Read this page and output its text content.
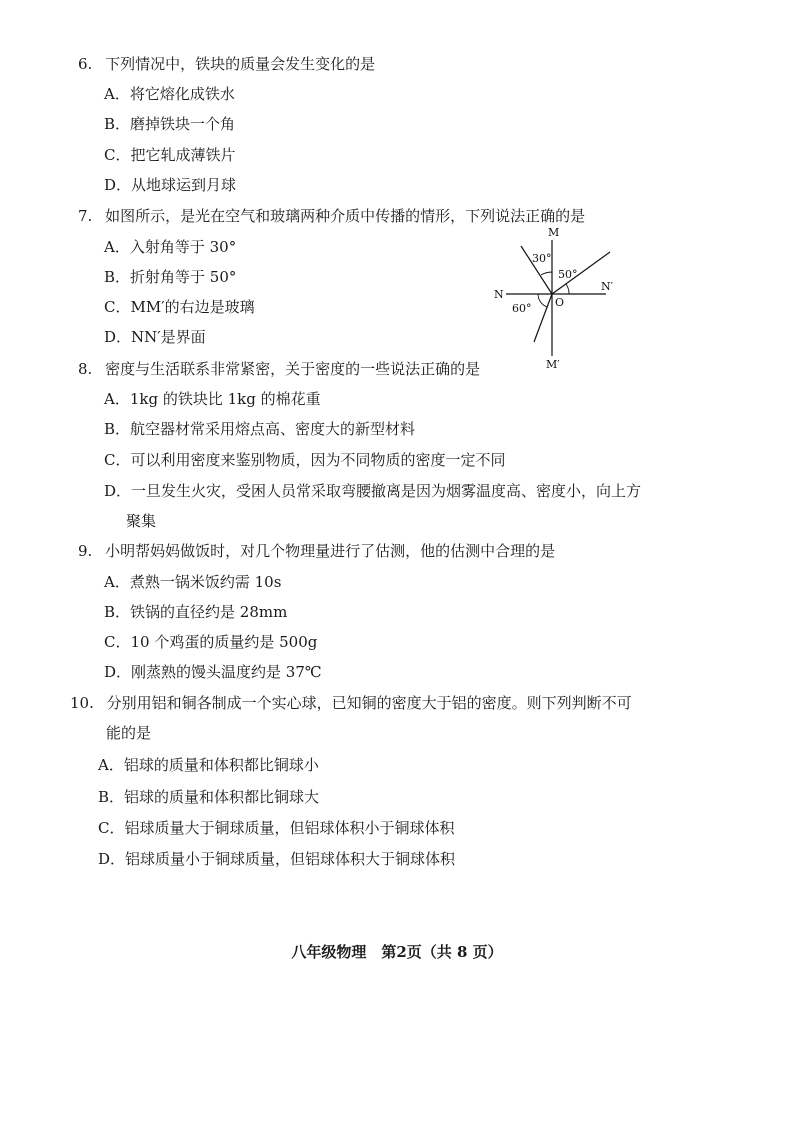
6. 下列情况中，铁块的质量会发生变化的是
A．将它熔化成铁水
B．磨掉铁块一个角
C．把它轧成薄铁片
D．从地球运到月球
7. 如图所示，是光在空气和玻璃两种介质中传播的情形，下列说法正确的是
A．入射角等于 30°
B．折射角等于 50°
C．MM′的右边是玻璃
D．NN′是界面
M
M′
N
N′
O
30°
50°
60°
8. 密度与生活联系非常紧密，关于密度的一些说法正确的是
A．1kg 的铁块比 1kg 的棉花重
B．航空器材常采用熔点高、密度大的新型材料
C．可以利用密度来鉴别物质，因为不同物质的密度一定不同
D．一旦发生火灾，受困人员常采取弯腰撤离是因为烟雾温度高、密度小，向上方
聚集
9. 小明帮妈妈做饭时，对几个物理量进行了估测，他的估测中合理的是
A．煮熟一锅米饭约需 10s
B．铁锅的直径约是 28mm
C．10 个鸡蛋的质量约是 500g
D．刚蒸熟的馒头温度约是 37℃
10. 分别用铝和铜各制成一个实心球，已知铜的密度大于铝的密度。则下列判断不可
能的是
A．铝球的质量和体积都比铜球小
B．铝球的质量和体积都比铜球大
C．铝球质量大于铜球质量，但铝球体积小于铜球体积
D．铝球质量小于铜球质量，但铝球体积大于铜球体积
八年级物理　第2页（共 8 页）
